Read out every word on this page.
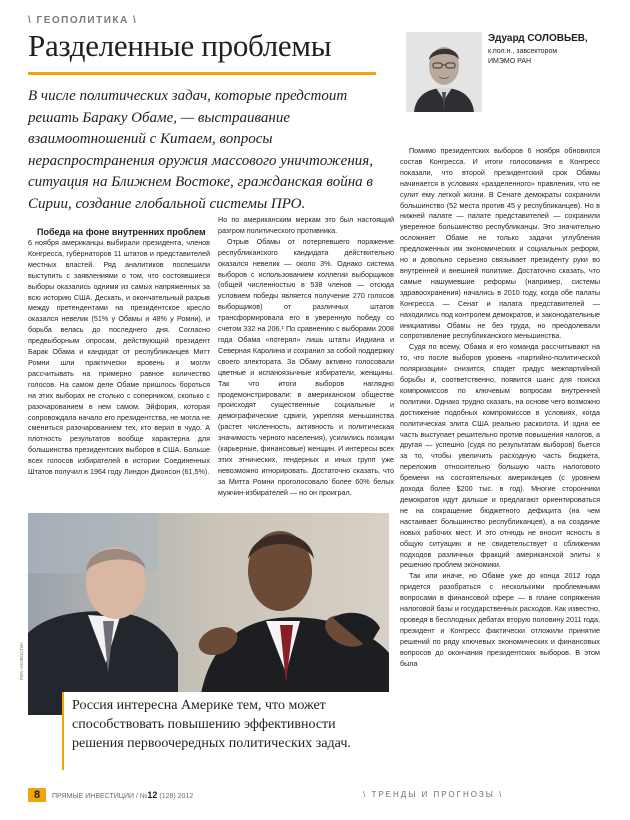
\ ГЕОПОЛИТИКА \
Разделенные проблемы	Эдуард СОЛОВЬЕВ,
к.пол.н., завсектором
ИМЭМО РАН
В числе политических задач, которые предстоит решать Бараку Обаме, — выстраивание взаимоотношений с Китаем, вопросы нераспространения оружия массового уничтожения, ситуация на Ближнем Востоке, гражданская война в Сирии, создание глобальной системы ПРО.

Победа на фоне внутренних проблем

6 ноября американцы выбирали президента, членов Конгресса, губернаторов 11 штатов и представителей местных властей. Ряд аналитиков поспешили выступить с заявлениями о том, что состоявшиеся выборы оказались одними из самых напряженных за всю историю США. Дескать, и окончательный разрыв между претендентами на президентское кресло оказался невелик (51% у Обамы и 48% у Ромни), и борьба велась до последнего дня. Согласно предвыборным опросам, действующий президент Барак Обама и кандидат от республиканцев Митт Ромни шли практически вровень и могли рассчитывать на примерно равное количество голосов. На самом деле Обаме пришлось бороться на этих выборах не столько с соперником, сколько с разочарованием в нем самом. Эйфория, которая сопровождала начало его президентства, не могла не смениться разочарованием тех, кто верил в чудо. А плотность результатов вообще характерна для большинства президентских выборов в США. Больше всех голосов избирателей в истории Соединенных Штатов получил в 1964 году Линдон Джонсон (61,5%).

Но по американским меркам это был настоящий разгром политического противника.

Отрыв Обамы от потерпевшего поражение республиканского кандидата действительно оказался невелик — около 3%. Однако система выборов с использованием коллегии выборщиков (общей численностью в 538 членов — отсюда условием победы является получение 270 голосов выборщиков) от различных штатов трансформировала его в уверенную победу со счетом 332 на 206.¹ По сравнению с выборами 2008 года Обама «потерял» лишь штаты Индиана и Северная Каролина и сохранил за собой поддержку своего электората. За Обаму активно голосовали цветные и испаноязычные избиратели, женщины. Так что итоги выборов наглядно продемонстрировали: в американском обществе происходят существенные социальные и демографические сдвиги, укрепляя меньшинства (растет численность, активность и политическая значимость черного населения), усилились позиции (карьерные, финансовые) женщин. И интересы всех этих этнических, гендерных и иных групп уже невозможно игнорировать. Достаточно сказать, что за Митта Ромни проголосовало более 60% белых мужчин-избирателей — но он проиграл.

Помимо президентских выборов 6 ноября обновился состав Конгресса. И итоги голосования в Конгресс показали, что второй президентский срок Обамы начинается в условиях «разделенного» правления, что не сулит ему легкой жизни. В Сенате демократы сохранили большинство (52 места против 45 у республиканцев). Но в нижней палате — палате представителей — сохранили уверенное большинство республиканцы. Это значительно осложняет Обаме не только задачи углубления предложенных им экономических и социальных реформ, но и довольно серьезно связывает президенту руки во внутренней и внешней политике. Достаточно сказать, что самые нашумевшие реформы (например, системы здравоохранения) начались в 2010 году, когда обе палаты Конгресса — Сенат и палата представителей — находились под контролем демократов, и законодательные инициативы Обамы не без труда, но преодолевали сопротивление республиканского меньшинства.

Судя по всему, Обама и его команда рассчитывают на то, что после выборов уровень «партийно-политической поляризации» снизится, спадет градус межпартийной борьбы и, соответственно, появится шанс для поиска компромиссов по ключевым вопросам внутренней политики. Однако трудно сказать, на основе чего возможно достижение подобных компромиссов в условиях, когда политическая элита США реально расколота. И одна ее часть выступает решительно против повышения налогов, а другая — успешно (судя по результатам выборов) бьется за то, чтобы увеличить расходную часть бюджета, переложив относительно большую часть налогового бремени на состоятельных американцев (с уровнем дохода более $200 тыс. в год). Многие сторонники демократов идут дальше и предлагают ориентироваться не на сокращение бюджетного дефицита (на чем настаивает большинство республиканцев), а на создание новых рабочих мест. И это отнюдь не вносит ясность в общую ситуацию и не свидетельствует о сближении подходов различных фракций американской элиты к решению проблем экономики.

Так или иначе, но Обаме уже до конца 2012 года придется разобраться с несколькими проблемными вопросами в финансовой сфере — в плане сопряжения налоговой базы и государственных расходов. Как известно, проведя в бесплодных дебатах вторую половину 2011 года, президент и Конгресс фактически отложили принятие решений по ряду ключевых экономических и финансовых вопросов до окончания президентских выборов. В этом была

РИА «НОВОСТИ»
Россия интересна Америке тем, что может способствовать повышению эффективности решения первоочередных политических задач.
8	ПРЯМЫЕ ИНВЕСТИЦИИ / №12 (128) 2012	\ ТРЕНДЫ И ПРОГНОЗЫ \
